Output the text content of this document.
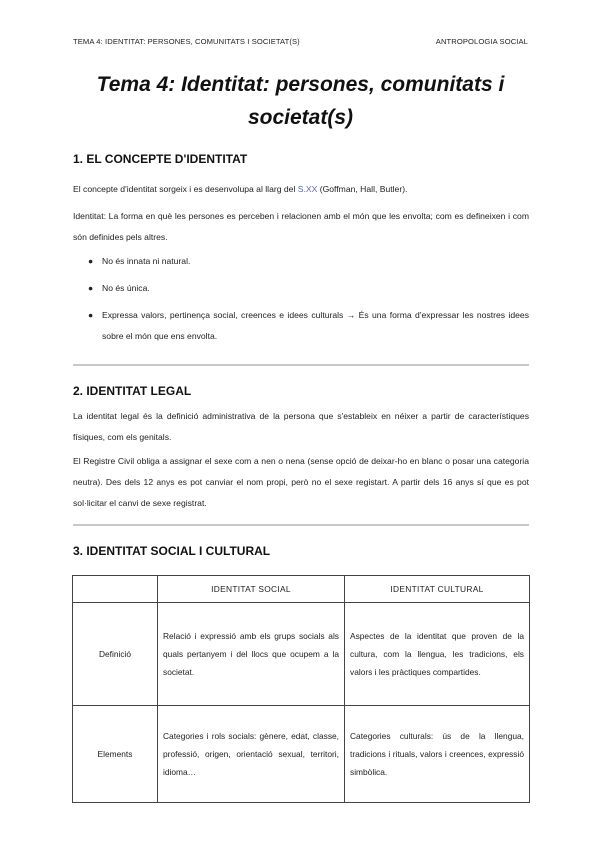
TEMA 4: IDENTITAT: PERSONES, COMUNITATS I SOCIETAT(S)	ANTROPOLOGIA SOCIAL
Tema 4: Identitat: persones, comunitats i
societat(s)
1. EL CONCEPTE D'IDENTITAT
El concepte d'identitat sorgeix i es desenvolupa al llarg del S.XX (Goffman, Hall, Butler).
Identitat: La forma en què les persones es perceben i relacionen amb el món que les envolta; com es defineixen i com són definides pels altres.
● No és innata ni natural.
● No és única.
● Expressa valors, pertinença social, creences e idees culturals → És una forma d'expressar les nostres idees sobre el món que ens envolta.
2. IDENTITAT LEGAL
La identitat legal és la definició administrativa de la persona que s'estableix en néixer a partir de característiques físiques, com els genitals.
El Registre Civil obliga a assignar el sexe com a nen o nena (sense opció de deixar-ho en blanc o posar una categoria neutra). Des dels 12 anys es pot canviar el nom propi, però no el sexe registart. A partir dels 16 anys sí que es pot sol·licitar el canvi de sexe registrat.
3. IDENTITAT SOCIAL I CULTURAL
	IDENTITAT SOCIAL	IDENTITAT CULTURAL
Definició	Relació i expressió amb els grups socials als quals pertanyem i del llocs que ocupem a la societat.	Aspectes de la identitat que proven de la cultura, com la llengua, les tradicions, els valors i les pràctiques compartides.
Elements	Categories i rols socials: gènere, edat, classe, professió, origen, orientació sexual, territori, idioma…	Categories culturals: ús de la llengua, tradicions i rituals, valors i creences, expressió simbòlica.
